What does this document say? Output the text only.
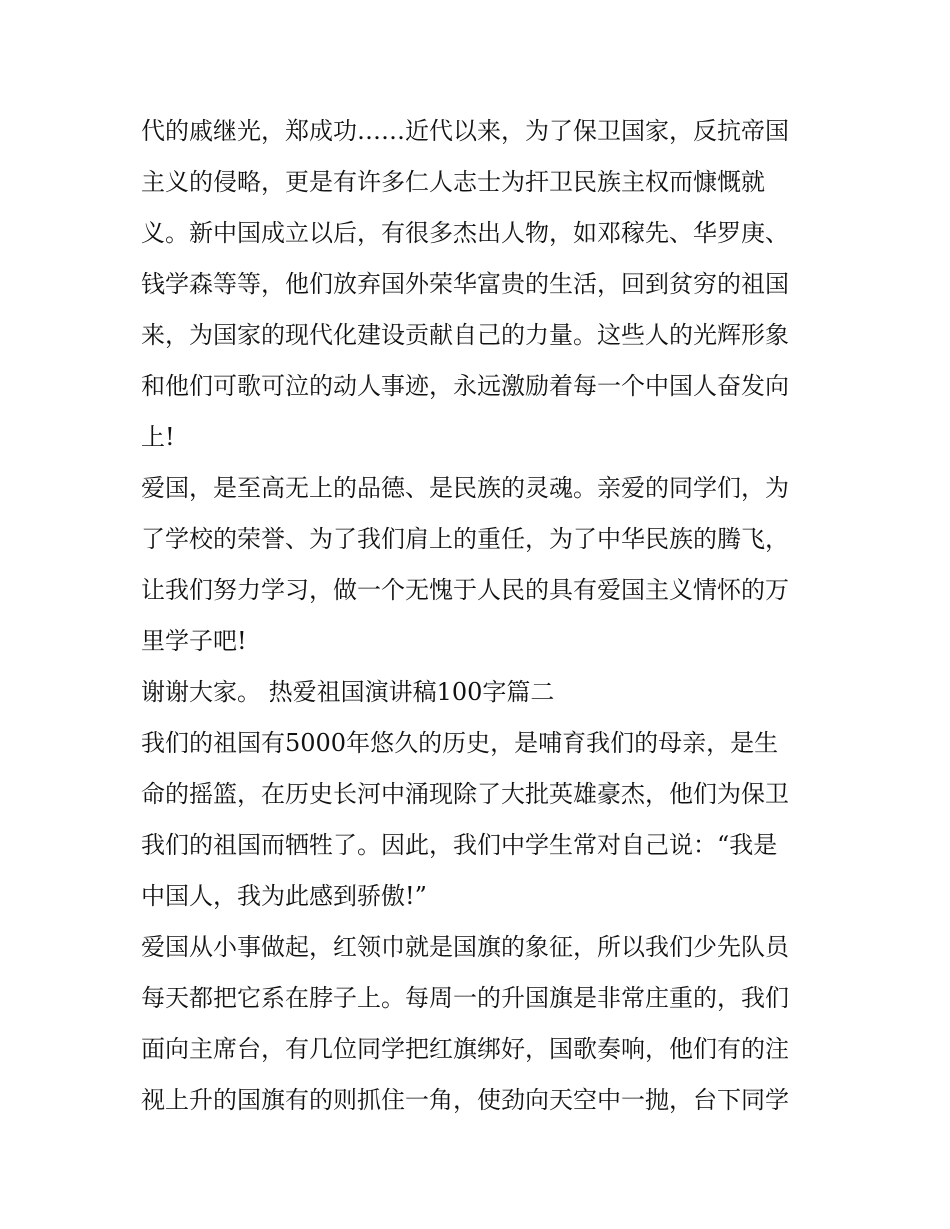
代的戚继光，郑成功……近代以来，为了保卫国家，反抗帝国
主义的侵略，更是有许多仁人志士为扞卫民族主权而慷慨就
义。新中国成立以后，有很多杰出人物，如邓稼先、华罗庚、
钱学森等等，他们放弃国外荣华富贵的生活，回到贫穷的祖国
来，为国家的现代化建设贡献自己的力量。这些人的光辉形象
和他们可歌可泣的动人事迹，永远激励着每一个中国人奋发向
上!
爱国，是至高无上的品德、是民族的灵魂。亲爱的同学们，为
了学校的荣誉、为了我们肩上的重任，为了中华民族的腾飞，
让我们努力学习，做一个无愧于人民的具有爱国主义情怀的万
里学子吧!
谢谢大家。 热爱祖国演讲稿100字篇二
我们的祖国有5000年悠久的历史，是哺育我们的母亲，是生
命的摇篮，在历史长河中涌现除了大批英雄豪杰，他们为保卫
我们的祖国而牺牲了。因此，我们中学生常对自己说：“我是
中国人，我为此感到骄傲!”
爱国从小事做起，红领巾就是国旗的象征，所以我们少先队员
每天都把它系在脖子上。每周一的升国旗是非常庄重的，我们
面向主席台，有几位同学把红旗绑好，国歌奏响，他们有的注
视上升的国旗有的则抓住一角，使劲向天空中一抛，台下同学
